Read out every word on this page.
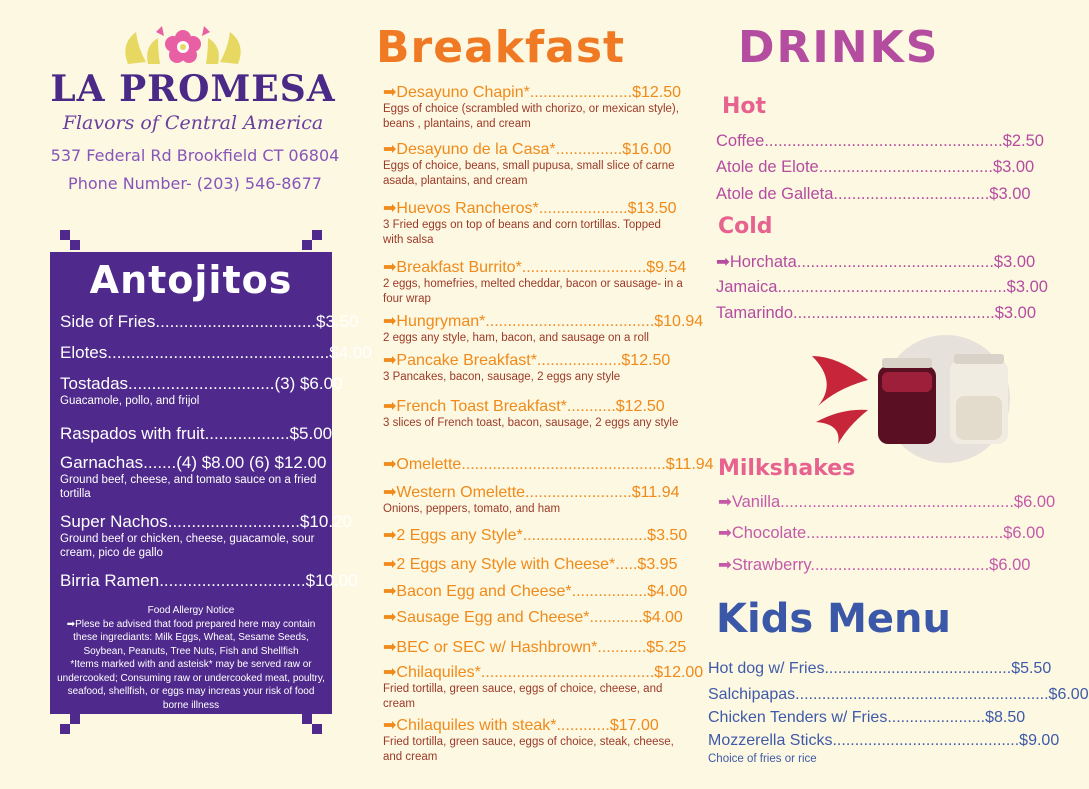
LA PROMESA
Flavors of Central America
537 Federal Rd Brookfield CT 06804
Phone Number- (203) 546-8677
Antojitos
Side of Fries..................................$3.50
Elotes...............................................$4.00
Tostadas...............................(3) $6.00
Guacamole, pollo, and frijol
Raspados with fruit..................$5.00
Garnachas.......(4) $8.00 (6) $12.00
Ground beef, cheese, and tomato sauce on a fried tortilla
Super Nachos............................$10.20
Ground beef or chicken, cheese, guacamole, sour cream, pico de gallo
Birria Ramen...............................$10.00
Food Allergy Notice
➡Plese be advised that food prepared here may contain these ingrediants: Milk Eggs, Wheat, Sesame Seeds, Soybean, Peanuts, Tree Nuts, Fish and Shellfish
*Items marked with and asteisk* may be served raw or undercooked; Consuming raw or undercooked meat, poultry, seafood, shellfish, or eggs may increas your risk of food borne illness
Breakfast
➡Desayuno Chapin*.......................$12.50
Eggs of choice (scrambled with chorizo, or mexican style), beans , plantains, and cream
➡Desayuno de la Casa*...............$16.00
Eggs of choice, beans, small pupusa, small slice of carne asada, plantains, and cream
➡Huevos Rancheros*....................$13.50
3 Fried eggs on top of beans and corn tortillas. Topped with salsa
➡Breakfast Burrito*............................$9.54
2 eggs, homefries, melted cheddar, bacon or sausage- in a four wrap
➡Hungryman*......................................$10.94
2 eggs any style, ham, bacon, and sausage on a roll
➡Pancake Breakfast*...................$12.50
3 Pancakes, bacon, sausage, 2 eggs any style
➡French Toast Breakfast*...........$12.50
3 slices of French toast, bacon, sausage, 2 eggs any style
➡Omelette..............................................$11.94
➡Western Omelette........................$11.94
Onions, peppers, tomato, and ham
➡2 Eggs any Style*............................$3.50
➡2 Eggs any Style with Cheese*.....$3.95
➡Bacon Egg and Cheese*.................$4.00
➡Sausage Egg and Cheese*............$4.00
➡BEC or SEC w/ Hashbrown*...........$5.25
➡Chilaquiles*.......................................$12.00
Fried tortilla, green sauce, eggs of choice, cheese, and cream
➡Chilaquiles with steak*............$17.00
Fried tortilla, green sauce, eggs of choice, steak, cheese, and cream
DRINKS
Hot
Coffee....................................................$2.50
Atole de Elote......................................$3.00
Atole de Galleta..................................$3.00
Cold
➡Horchata...........................................$3.00
Jamaica..................................................$3.00
Tamarindo............................................$3.00
Milkshakes
➡Vanilla...................................................$6.00
➡Chocolate...........................................$6.00
➡Strawberry.......................................$6.00
Kids Menu
Hot dog w/ Fries..........................................$5.50
Salchipapas.........................................................$6.00
Chicken Tenders w/ Fries......................$8.50
Mozzerella Sticks..........................................$9.00
Choice of fries or rice
